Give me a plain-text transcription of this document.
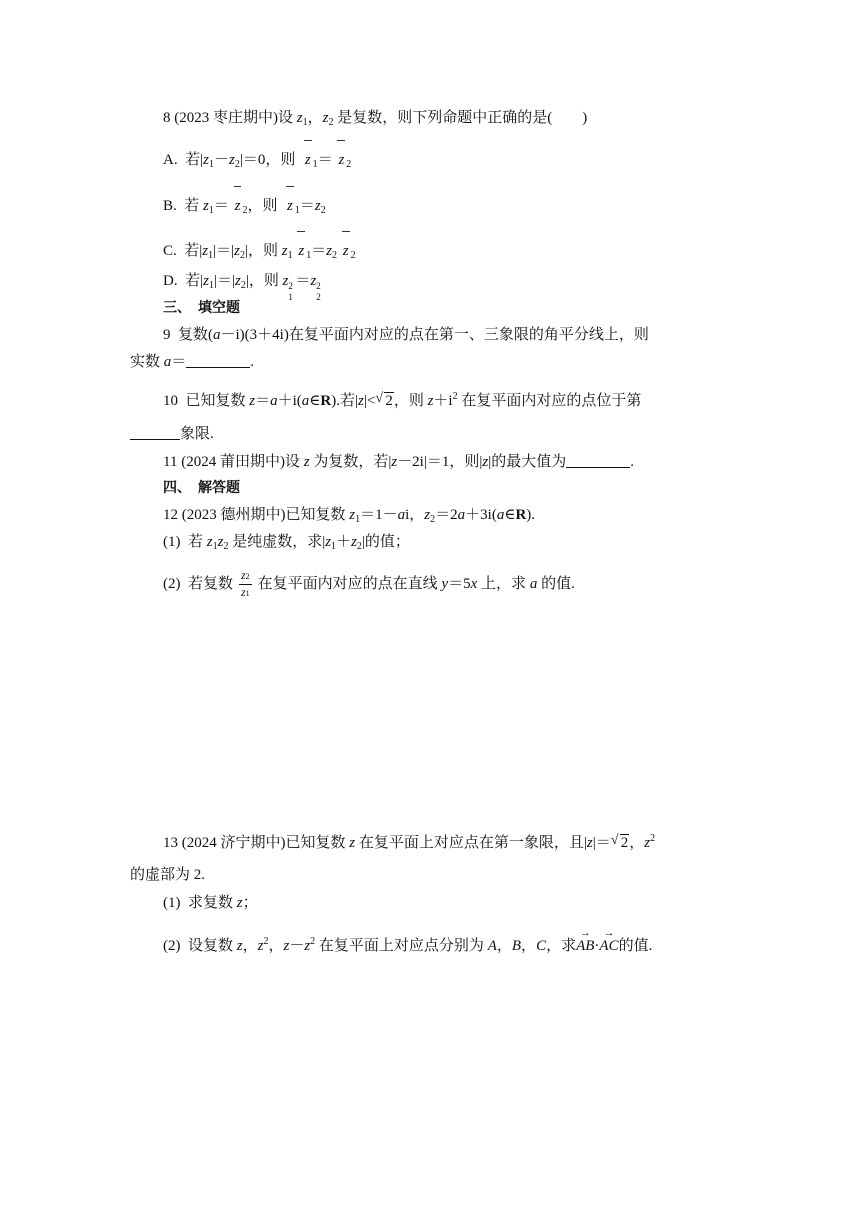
8 (2023 枣庄期中)设 $z_1$，$z_2$ 是复数，则下列命题中正确的是(　　)
A.  若$|z_1-z_2|=0$，则  z $_1$＝ z $_2$
B.  若 $z_1= z$ $_2$，则  z $_1=z_2$
C.  若$|z_1|=|z_2|$，则 $z_1$ z $_1=z_2$ z $_2$
D.  若$|z_1|=|z_2|$，则 z 2
1
＝z 2
2
三、　填空题
9  复数(a－i)(3＋4i)在复平面内对应的点在第一、三象限的角平分线上，则
实数 a＝	.
10  已知复数 z＝a＋i(a∈R).若|z|< √ 2，则 $z+i^2$ 在复平面内对应的点位于第
象限.
11 (2024 莆田期中)设 z 为复数，若|z－2i|＝1，则|z|的最大值为	.
四、　解答题
12 (2023 德州期中)已知复数 $z_1=1-ai$，$z_2=2a+3i(a\in R)$.
(1)  若 $z_1z_2$ 是纯虚数，求$|z_1+z_2|$的值；
(2)  若复数 $\frac{z2}{z1}$ 在复平面内对应的点在直线 y＝5x 上，求 a 的值.
13 (2024 济宁期中)已知复数 z 在复平面上对应点在第一象限，且|z|＝ √ 2，$z^2$
的虚部为 2.
(1)  求复数 z；
(2)  设复数 z，$z^2$，$z-z^2$ 在复平面上对应点分别为 A，B，C，求→ AB·→ AC的值.
